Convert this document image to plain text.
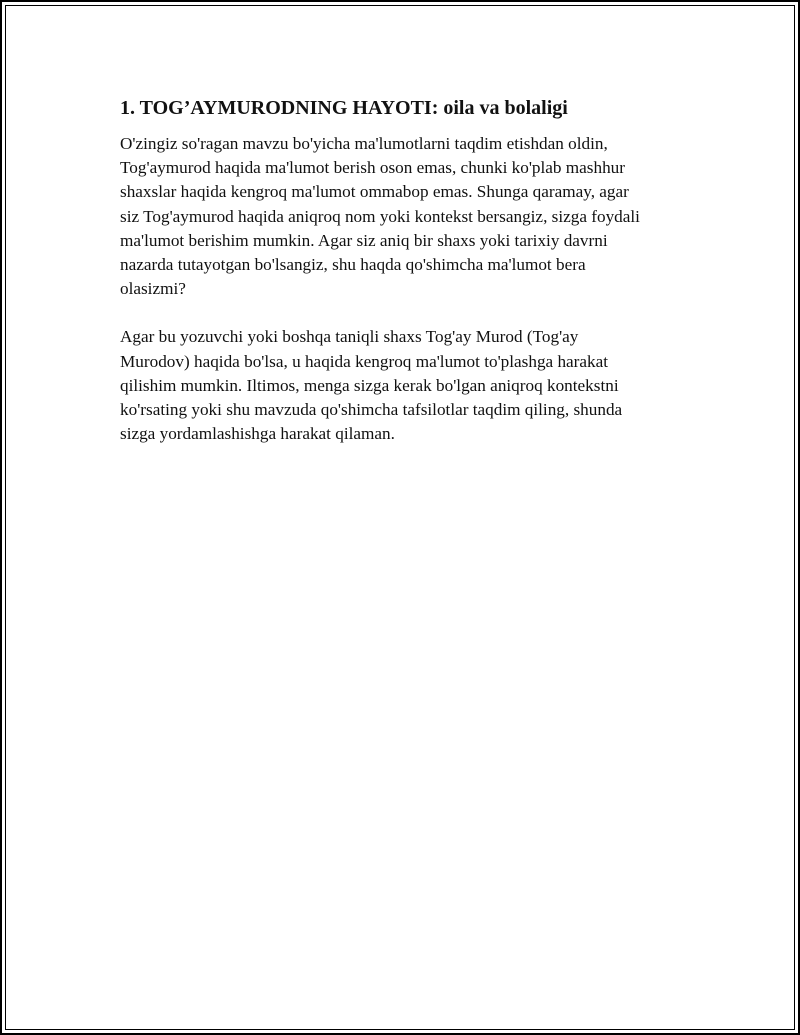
1. TOG’AYMURODNING HAYOTI: oila va bolaligi

O'zingiz so'ragan mavzu bo'yicha ma'lumotlarni taqdim etishdan oldin,
Tog'aymurod haqida ma'lumot berish oson emas, chunki ko'plab mashhur
shaxslar haqida kengroq ma'lumot ommabop emas. Shunga qaramay, agar
siz Tog'aymurod haqida aniqroq nom yoki kontekst bersangiz, sizga foydali
ma'lumot berishim mumkin. Agar siz aniq bir shaxs yoki tarixiy davrni
nazarda tutayotgan bo'lsangiz, shu haqda qo'shimcha ma'lumot bera
olasizmi?

Agar bu yozuvchi yoki boshqa taniqli shaxs Tog'ay Murod (Tog'ay
Murodov) haqida bo'lsa, u haqida kengroq ma'lumot to'plashga harakat
qilishim mumkin. Iltimos, menga sizga kerak bo'lgan aniqroq kontekstni
ko'rsating yoki shu mavzuda qo'shimcha tafsilotlar taqdim qiling, shunda
sizga yordamlashishga harakat qilaman.
